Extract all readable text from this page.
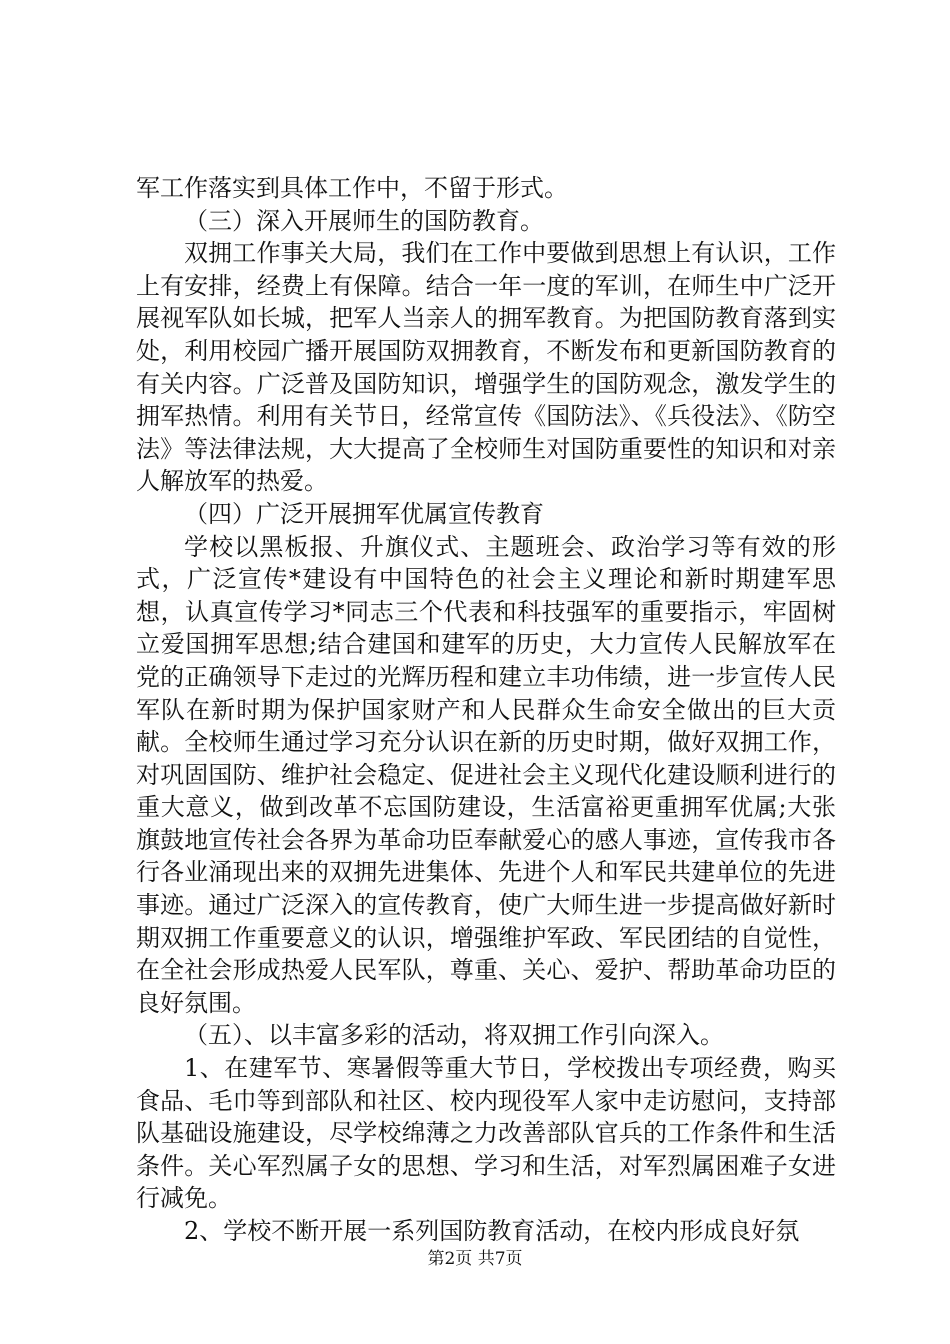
军工作落实到具体工作中，不留于形式。

（三）深入开展师生的国防教育。

双拥工作事关大局，我们在工作中要做到思想上有认识，工作上有安排，经费上有保障。结合一年一度的军训，在师生中广泛开展视军队如长城，把军人当亲人的拥军教育。为把国防教育落到实处，利用校园广播开展国防双拥教育，不断发布和更新国防教育的有关内容。广泛普及国防知识，增强学生的国防观念，激发学生的拥军热情。利用有关节日，经常宣传《国防法》、《兵役法》、《防空法》等法律法规，大大提高了全校师生对国防重要性的知识和对亲人解放军的热爱。

（四）广泛开展拥军优属宣传教育

学校以黑板报、升旗仪式、主题班会、政治学习等有效的形式，广泛宣传*建设有中国特色的社会主义理论和新时期建军思想，认真宣传学习*同志三个代表和科技强军的重要指示，牢固树立爱国拥军思想;结合建国和建军的历史，大力宣传人民解放军在党的正确领导下走过的光辉历程和建立丰功伟绩，进一步宣传人民军队在新时期为保护国家财产和人民群众生命安全做出的巨大贡献。全校师生通过学习充分认识在新的历史时期，做好双拥工作，对巩固国防、维护社会稳定、促进社会主义现代化建设顺利进行的重大意义，做到改革不忘国防建设，生活富裕更重拥军优属;大张旗鼓地宣传社会各界为革命功臣奉献爱心的感人事迹，宣传我市各行各业涌现出来的双拥先进集体、先进个人和军民共建单位的先进事迹。通过广泛深入的宣传教育，使广大师生进一步提高做好新时期双拥工作重要意义的认识，增强维护军政、军民团结的自觉性，在全社会形成热爱人民军队，尊重、关心、爱护、帮助革命功臣的良好氛围。

（五）、以丰富多彩的活动，将双拥工作引向深入。

1、在建军节、寒暑假等重大节日，学校拨出专项经费，购买食品、毛巾等到部队和社区、校内现役军人家中走访慰问，支持部队基础设施建设，尽学校绵薄之力改善部队官兵的工作条件和生活条件。关心军烈属子女的思想、学习和生活，对军烈属困难子女进行减免。

2、学校不断开展一系列国防教育活动，在校内形成良好氛

第2页 共7页
